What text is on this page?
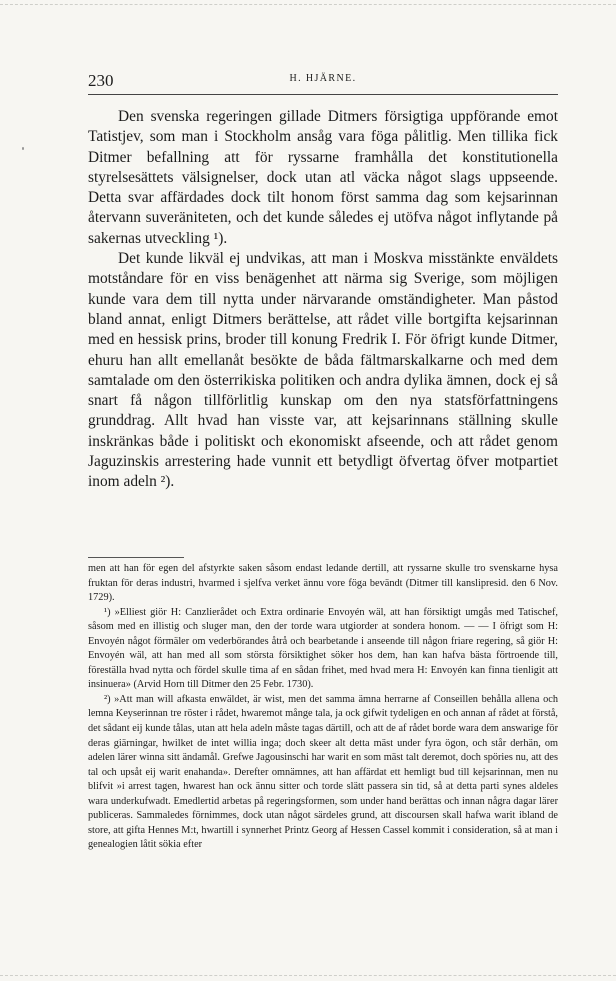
230	H. HJÄRNE.

Den svenska regeringen gillade Ditmers försigtiga uppförande emot Tatistjev, som man i Stockholm ansåg vara föga pålitlig. Men tillika fick Ditmer befallning att för ryssarne framhålla det konstitutionella styrelsesättets välsignelser, dock utan atl väcka något slags uppseende. Detta svar affärdades dock tilt honom först samma dag som kejsarinnan återvann suveräniteten, och det kunde således ej utöfva något inflytande på sakernas utveckling ¹).

Det kunde likväl ej undvikas, att man i Moskva misstänkte enväldets motståndare för en viss benägenhet att närma sig Sverige, som möjligen kunde vara dem till nytta under närvarande omständigheter. Man påstod bland annat, enligt Ditmers berättelse, att rådet ville bortgifta kejsarinnan med en hessisk prins, broder till konung Fredrik I. För öfrigt kunde Ditmer, ehuru han allt emellanåt besökte de båda fältmarskalkarne och med dem samtalade om den österrikiska politiken och andra dylika ämnen, dock ej så snart få någon tillförlitlig kunskap om den nya statsförfattningens grunddrag. Allt hvad han visste var, att kejsarinnans ställning skulle inskränkas både i politiskt och ekonomiskt afseende, och att rådet genom Jaguzinskis arrestering hade vunnit ett betydligt öfvertag öfver motpartiet inom adeln ²).

men att han för egen del afstyrkte saken såsom endast ledande dertill, att ryssarne skulle tro svenskarne hysa fruktan för deras industri, hvarmed i sjelfva verket ännu vore föga bevändt (Ditmer till kanslipresid. den 6 Nov. 1729).

¹) »Elliest giör H: Canzlierådet och Extra ordinarie Envoyén wäl, att han försiktigt umgås med Tatischef, såsom med en illistig och sluger man, den der torde wara utgiorder at sondera honom. — — I öfrigt som H: Envoyén något förmäler om vederbörandes åtrå och bearbetande i anseende till någon friare regering, så giör H: Envoyén wäl, att han med all som största försiktighet söker hos dem, han kan hafva bästa förtroende till, föreställa hvad nytta och fördel skulle tima af en sådan frihet, med hvad mera H: Envoyén kan finna tienligit att insinuera» (Arvid Horn till Ditmer den 25 Febr. 1730).

²) »Att man will afkasta enwäldet, är wist, men det samma ämna herrarne af Conseillen behålla allena och lemna Keyserinnan tre röster i rådet, hwaremot månge tala, ja ock gifwit tydeligen en och annan af rådet at förstå, det sådant eij kunde tålas, utan att hela adeln måste tagas därtill, och att de af rådet borde wara dem answarige för deras giärningar, hwilket de intet willia inga; doch skeer alt detta mäst under fyra ögon, och står derhän, om adelen lärer winna sitt ändamål. Grefwe Jagousinschi har warit en som mäst talt deremot, doch spöries nu, att des tal och upsåt eij warit enahanda». Derefter omnämnes, att han affärdat ett hemligt bud till kejsarinnan, men nu blifvit »i arrest tagen, hwarest han ock ännu sitter och torde slätt passera sin tid, så at detta parti synes aldeles wara underkufwadt. Emedlertid arbetas på regeringsformen, som under hand berättas och innan några dagar lärer publiceras. Sammaledes förnimmes, dock utan något särdeles grund, att discoursen skall hafwa warit ibland de store, att gifta Hennes M:t, hwartill i synnerhet Printz Georg af Hessen Cassel kommit i consideration, så at man i genealogien låtit sökia efter
